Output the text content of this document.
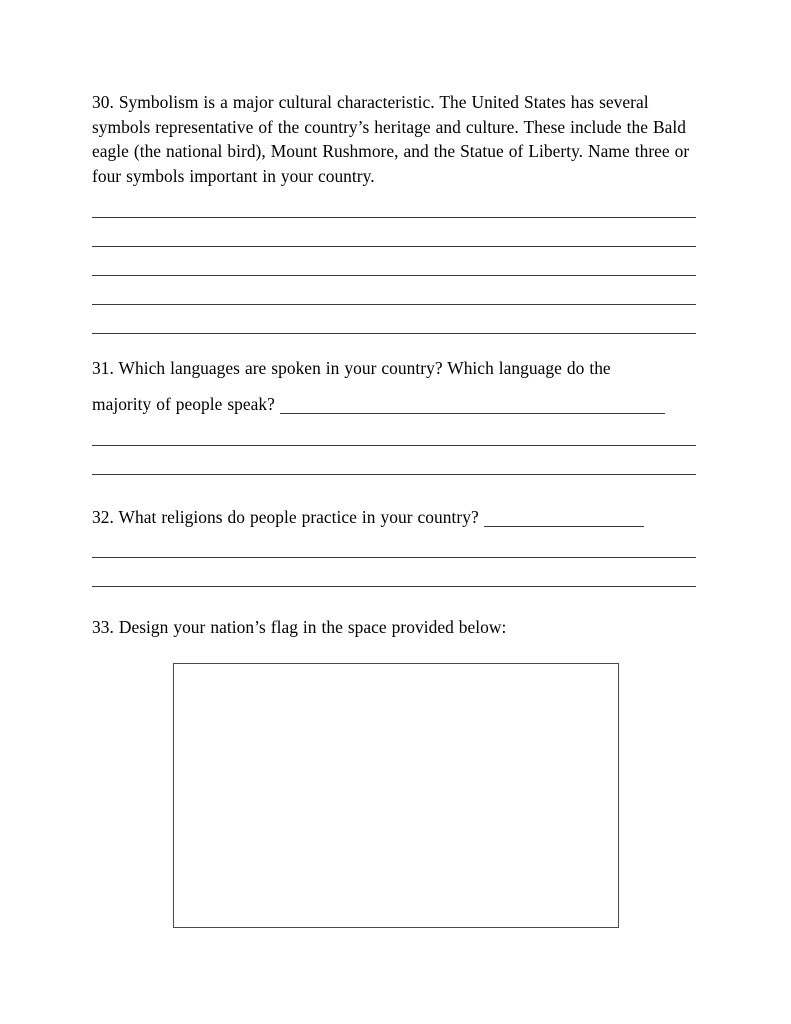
30. Symbolism is a major cultural characteristic. The United States has several symbols representative of the country’s heritage and culture. These include the Bald eagle (the national bird), Mount Rushmore, and the Statue of Liberty. Name three or four symbols important in your country.

31. Which languages are spoken in your country? Which language do the

majority of people speak?

32. What religions do people practice in your country?

33. Design your nation’s flag in the space provided below:
